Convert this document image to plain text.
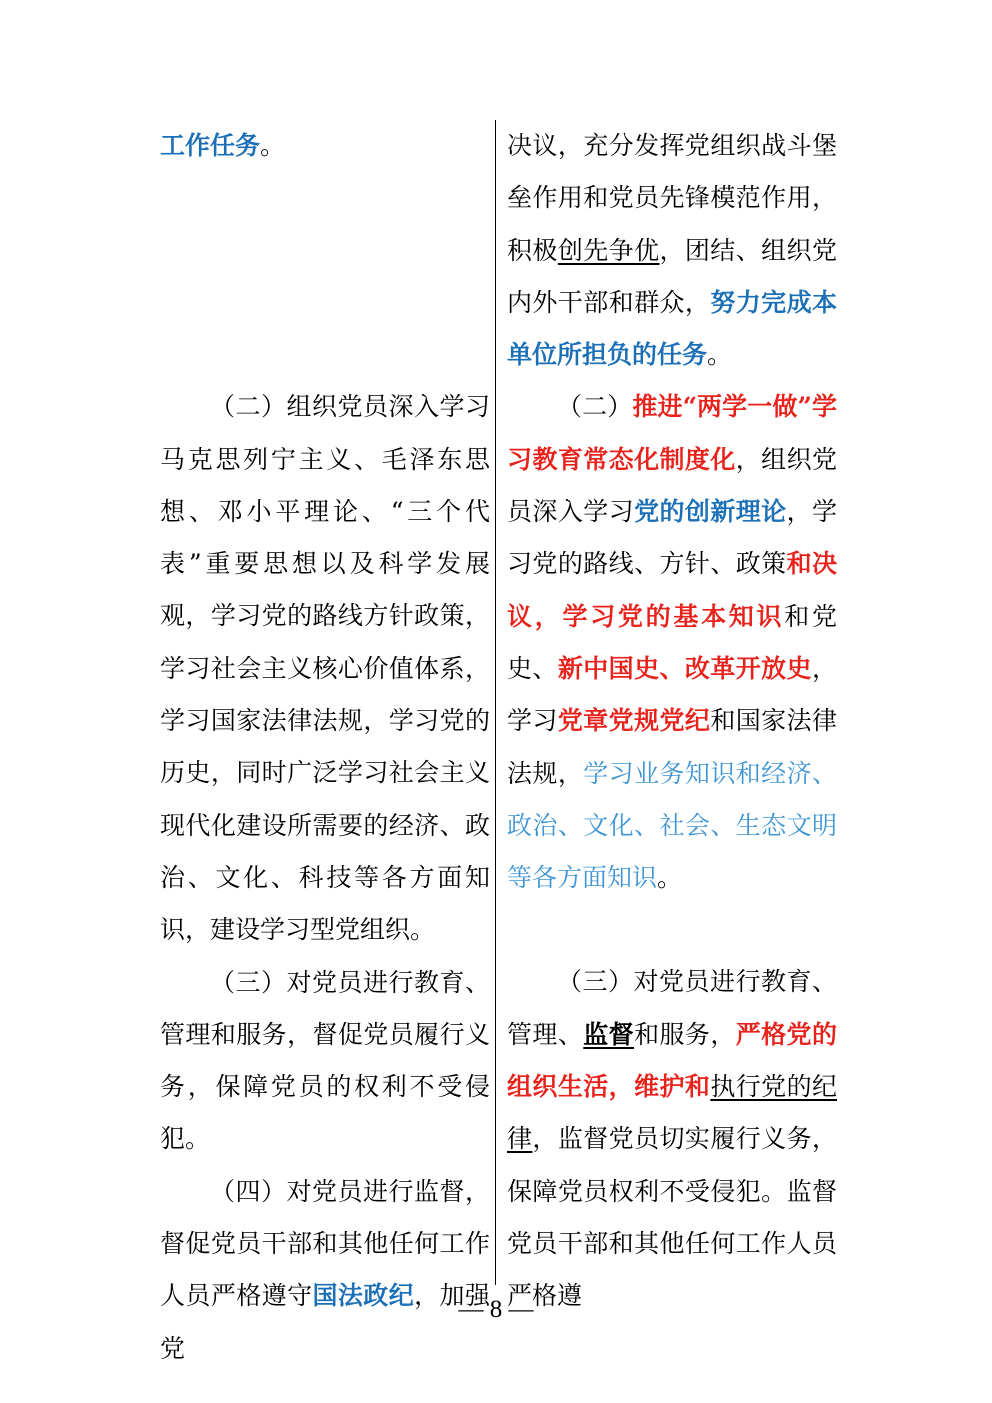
工作任务。

（二）组织党员深入学习马克思列宁主义、毛泽东思想、邓小平理论、“三个代表”重要思想以及科学发展观，学习党的路线方针政策，学习社会主义核心价值体系，学习国家法律法规，学习党的历史，同时广泛学习社会主义现代化建设所需要的经济、政治、文化、科技等各方面知识，建设学习型党组织。

（三）对党员进行教育、管理和服务，督促党员履行义务，保障党员的权利不受侵犯。

（四）对党员进行监督，督促党员干部和其他任何工作人员严格遵守国法政纪，加强党

决议，充分发挥党组织战斗堡垒作用和党员先锋模范作用，积极创先争优，团结、组织党内外干部和群众，努力完成本单位所担负的任务。

（二）推进“两学一做”学习教育常态化制度化，组织党员深入学习党的创新理论，学习党的路线、方针、政策和决议，学习党的基本知识和党史、新中国史、改革开放史，学习党章党规党纪和国家法律法规，学习业务知识和经济、政治、文化、社会、生态文明等各方面知识。

（三）对党员进行教育、管理、监督和服务，严格党的组织生活，维护和执行党的纪律，监督党员切实履行义务，保障党员权利不受侵犯。监督党员干部和其他任何工作人员严格遵

— 8 —
